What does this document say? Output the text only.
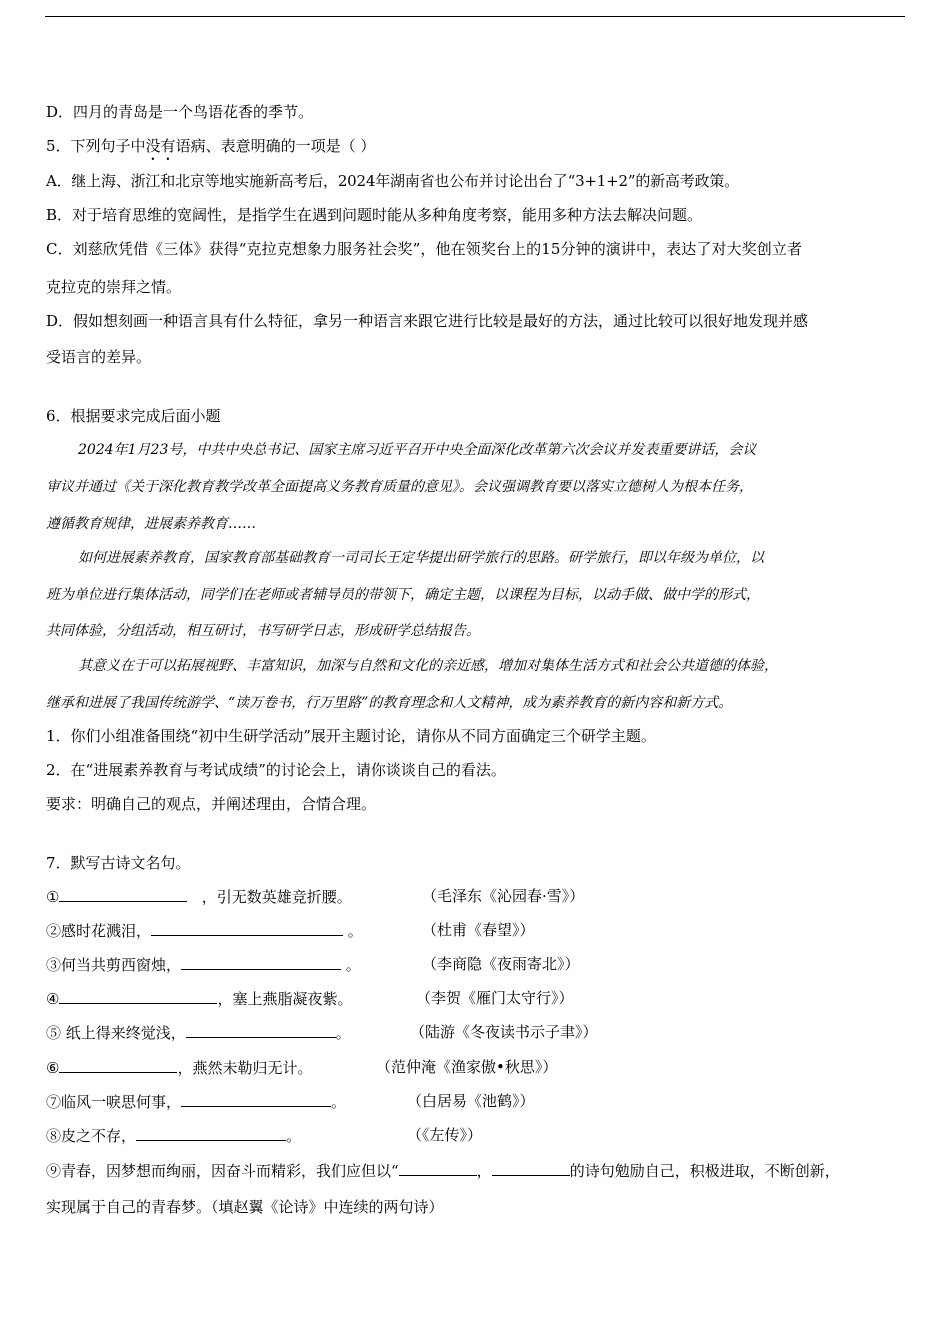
D．四月的青岛是一个鸟语花香的季节。
5．下列句子中没有语病、表意明确的一项是（ ）
A．继上海、浙江和北京等地实施新高考后，2024年湖南省也公布并讨论出台了“3+1+2”的新高考政策。
B．对于培育思维的宽阔性，是指学生在遇到问题时能从多种角度考察，能用多种方法去解决问题。
C．刘慈欣凭借《三体》获得“克拉克想象力服务社会奖”，他在领奖台上的15分钟的演讲中，表达了对大奖创立者
克拉克的崇拜之情。
D．假如想刻画一种语言具有什么特征，拿另一种语言来跟它进行比较是最好的方法，通过比较可以很好地发现并感
受语言的差异。
6．根据要求完成后面小题
2024年1月23号，中共中央总书记、国家主席习近平召开中央全面深化改革第六次会议并发表重要讲话，会议
审议并通过《关于深化教育教学改革全面提高义务教育质量的意见》。会议强调教育要以落实立德树人为根本任务，
遵循教育规律，进展素养教育……
如何进展素养教育，国家教育部基础教育一司司长王定华提出研学旅行的思路。研学旅行，即以年级为单位，以
班为单位进行集体活动，同学们在老师或者辅导员的带领下，确定主题，以课程为目标，以动手做、做中学的形式，
共同体验，分组活动，相互研讨，书写研学日志，形成研学总结报告。
其意义在于可以拓展视野、丰富知识，加深与自然和文化的亲近感，增加对集体生活方式和社会公共道德的体验，
继承和进展了我国传统游学、“读万卷书，行万里路”的教育理念和人文精神，成为素养教育的新内容和新方式。
1．你们小组准备围绕“初中生研学活动”展开主题讨论，请你从不同方面确定三个研学主题。
2．在“进展素养教育与考试成绩”的讨论会上，请你谈谈自己的看法。
要求：明确自己的观点，并阐述理由，合情合理。
7．默写古诗文名句。
①	，引无数英雄竞折腰。	（毛泽东《沁园春·雪》）
②感时花溅泪，	。	（杜甫《春望》）
③何当共剪西窗烛，	。	（李商隐《夜雨寄北》）
④	，塞上燕脂凝夜紫。	（李贺《雁门太守行》）
⑤ 纸上得来终觉浅，	。	（陆游《冬夜读书示子聿》）
⑥	，燕然未勒归无计。	（范仲淹《渔家傲•秋思》）
⑦临风一唳思何事，	。	（白居易《池鹤》）
⑧皮之不存，	。	（《左传》）
⑨青春，因梦想而绚丽，因奋斗而精彩，我们应但以“	，	的诗句勉励自己，积极进取，不断创新，
实现属于自己的青春梦。（填赵翼《论诗》中连续的两句诗）
